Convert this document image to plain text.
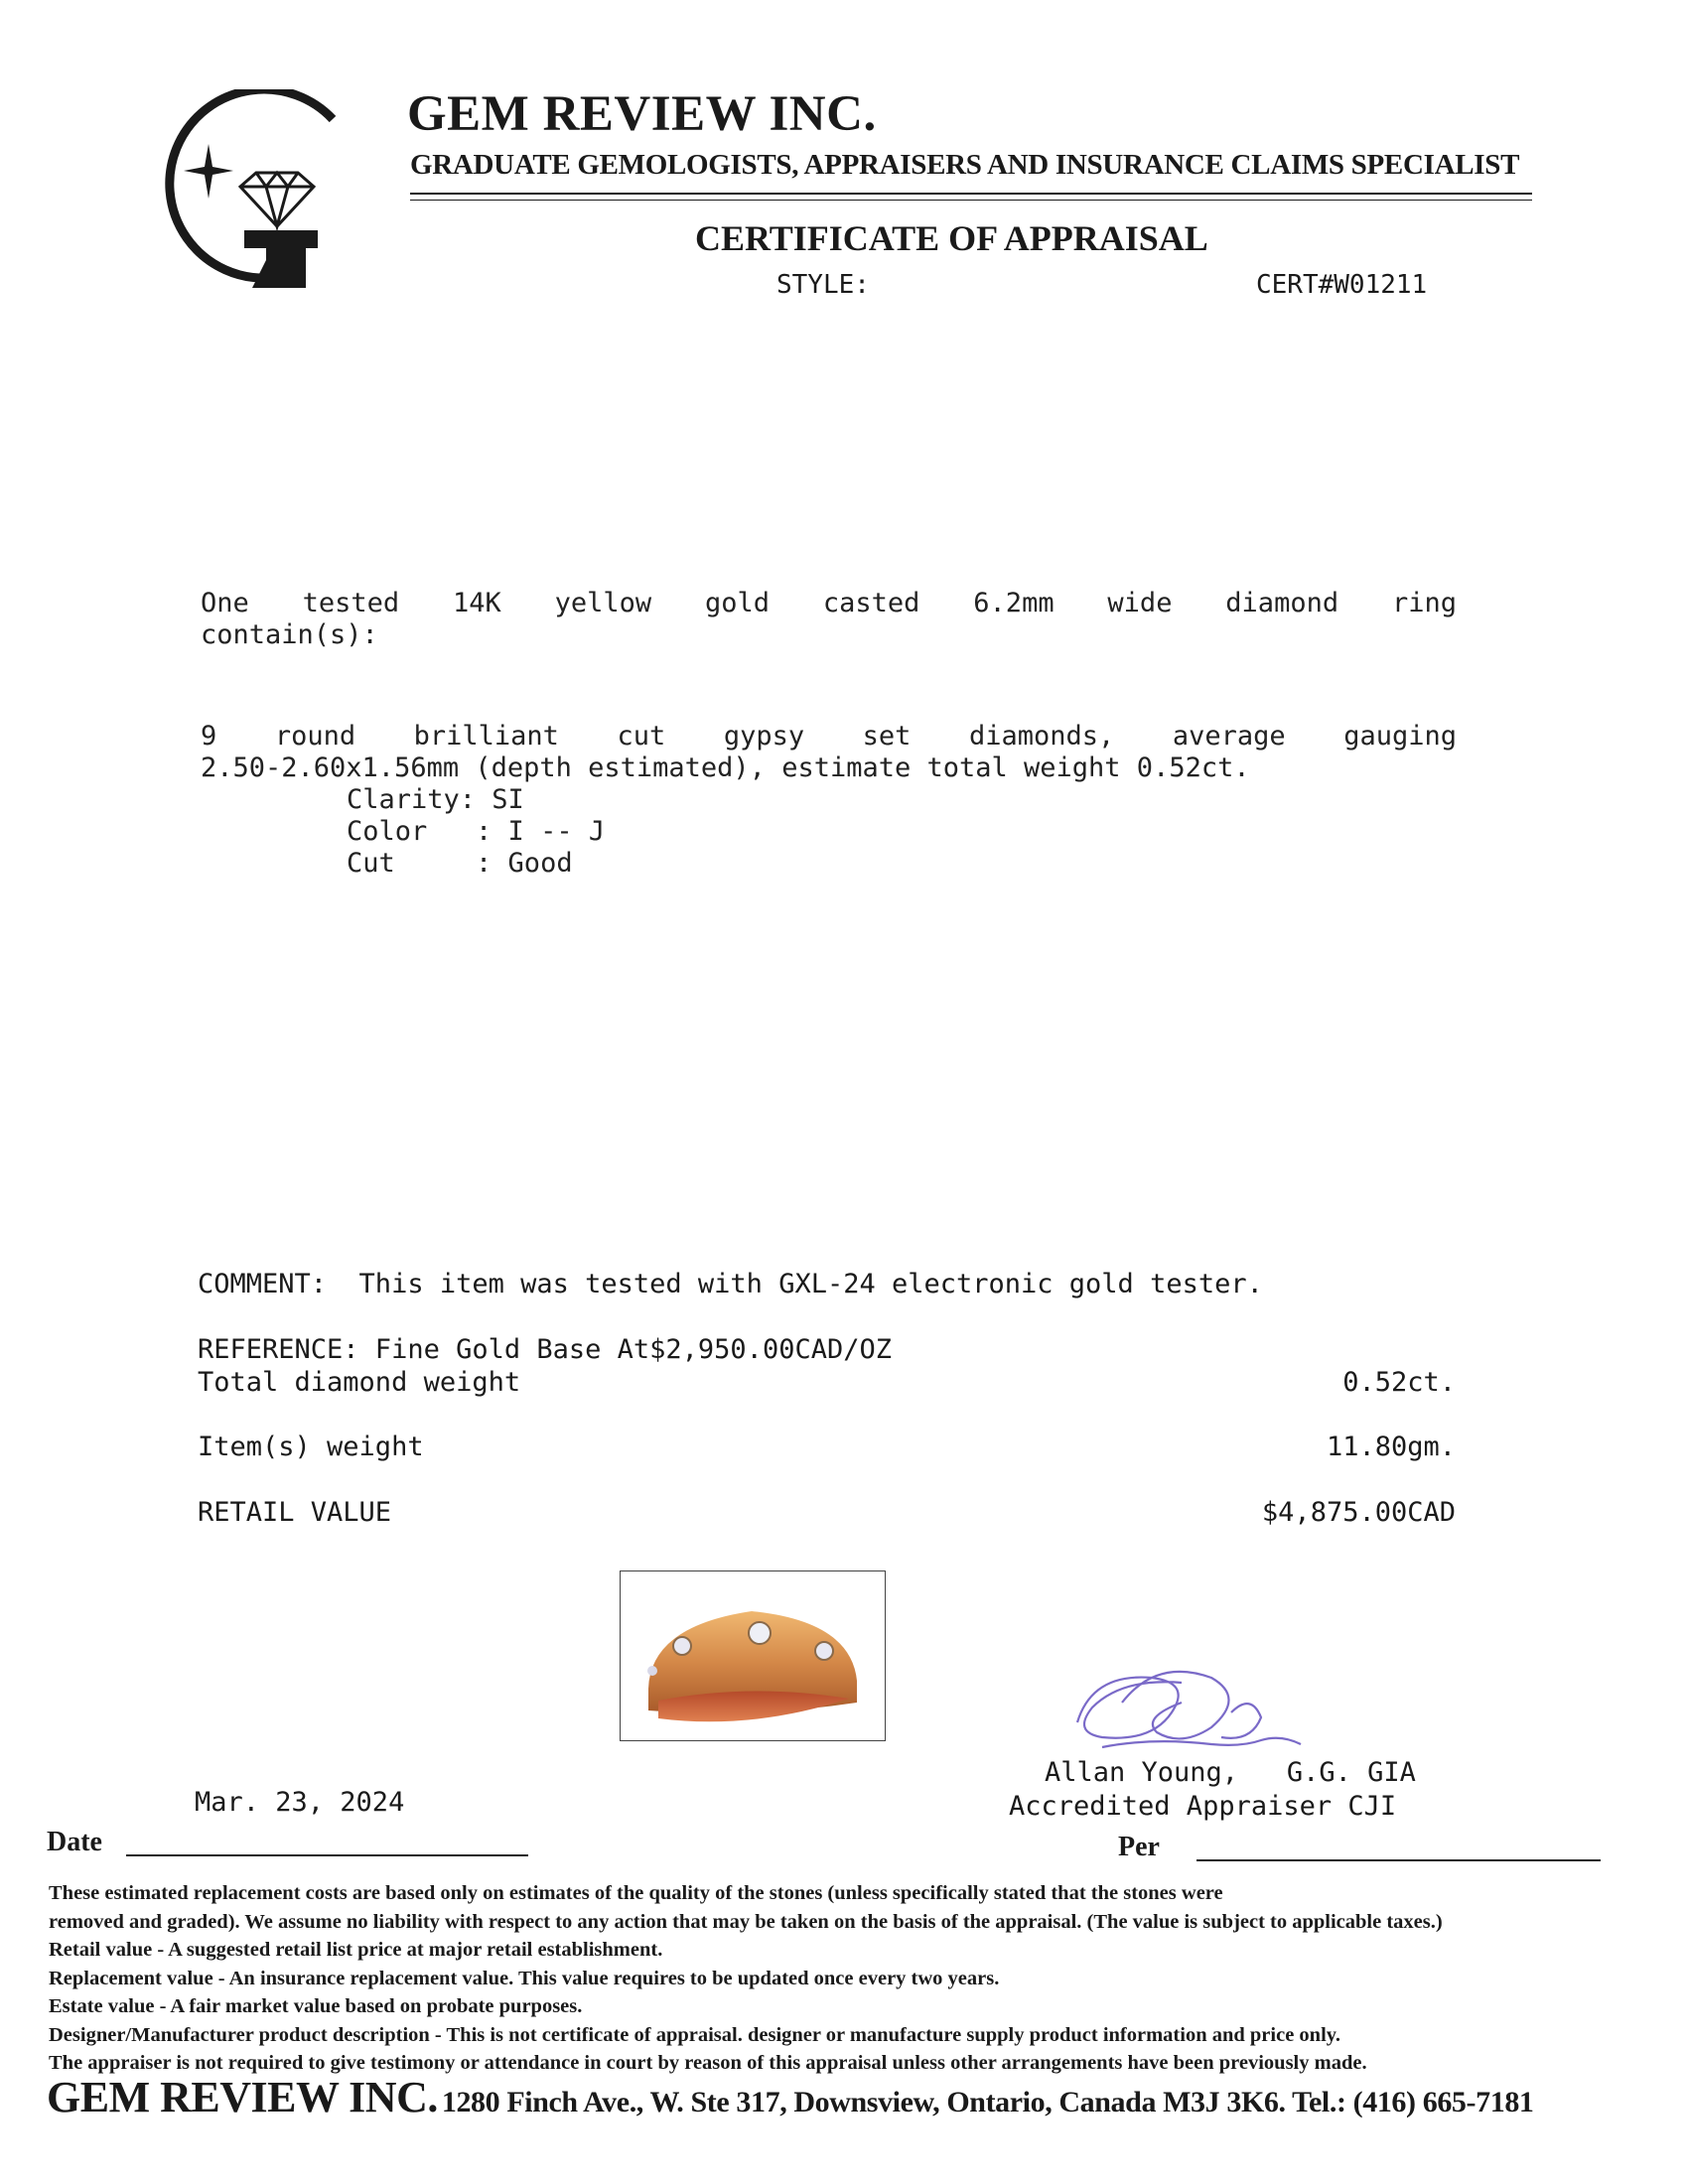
GEM REVIEW INC.
GRADUATE GEMOLOGISTS, APPRAISERS AND INSURANCE CLAIMS SPECIALIST
CERTIFICATE OF APPRAISAL
STYLE:	CERT#W01211
One tested 14K yellow gold casted 6.2mm wide diamond ring
contain(s):
9 round brilliant cut gypsy set diamonds, average gauging
2.50-2.60x1.56mm (depth estimated), estimate total weight 0.52ct.
Clarity: SI
Color   : I -- J
Cut     : Good
COMMENT:  This item was tested with GXL-24 electronic gold tester.
REFERENCE: Fine Gold Base At$2,950.00CAD/OZ
Total diamond weight	0.52ct.
Item(s) weight	11.80gm.
RETAIL VALUE	$4,875.00CAD
Allan Young,   G.G. GIA
Accredited Appraiser CJI
Mar. 23, 2024
Date	Per
These estimated replacement costs are based only on estimates of the quality of the stones (unless specifically stated that the stones were
removed and graded). We assume no liability with respect to any action that may be taken on the basis of the appraisal. (The value is subject to applicable taxes.)
Retail value - A suggested retail list price at major retail establishment.
Replacement value - An insurance replacement value. This value requires to be updated once every two years.
Estate value - A fair market value based on probate purposes.
Designer/Manufacturer product description - This is not certificate of appraisal. designer or manufacture supply product information and price only.
The appraiser is not required to give testimony or attendance in court by reason of this appraisal unless other arrangements have been previously made.
GEM REVIEW INC. 1280 Finch Ave., W. Ste 317, Downsview, Ontario, Canada M3J 3K6. Tel.: (416) 665-7181
